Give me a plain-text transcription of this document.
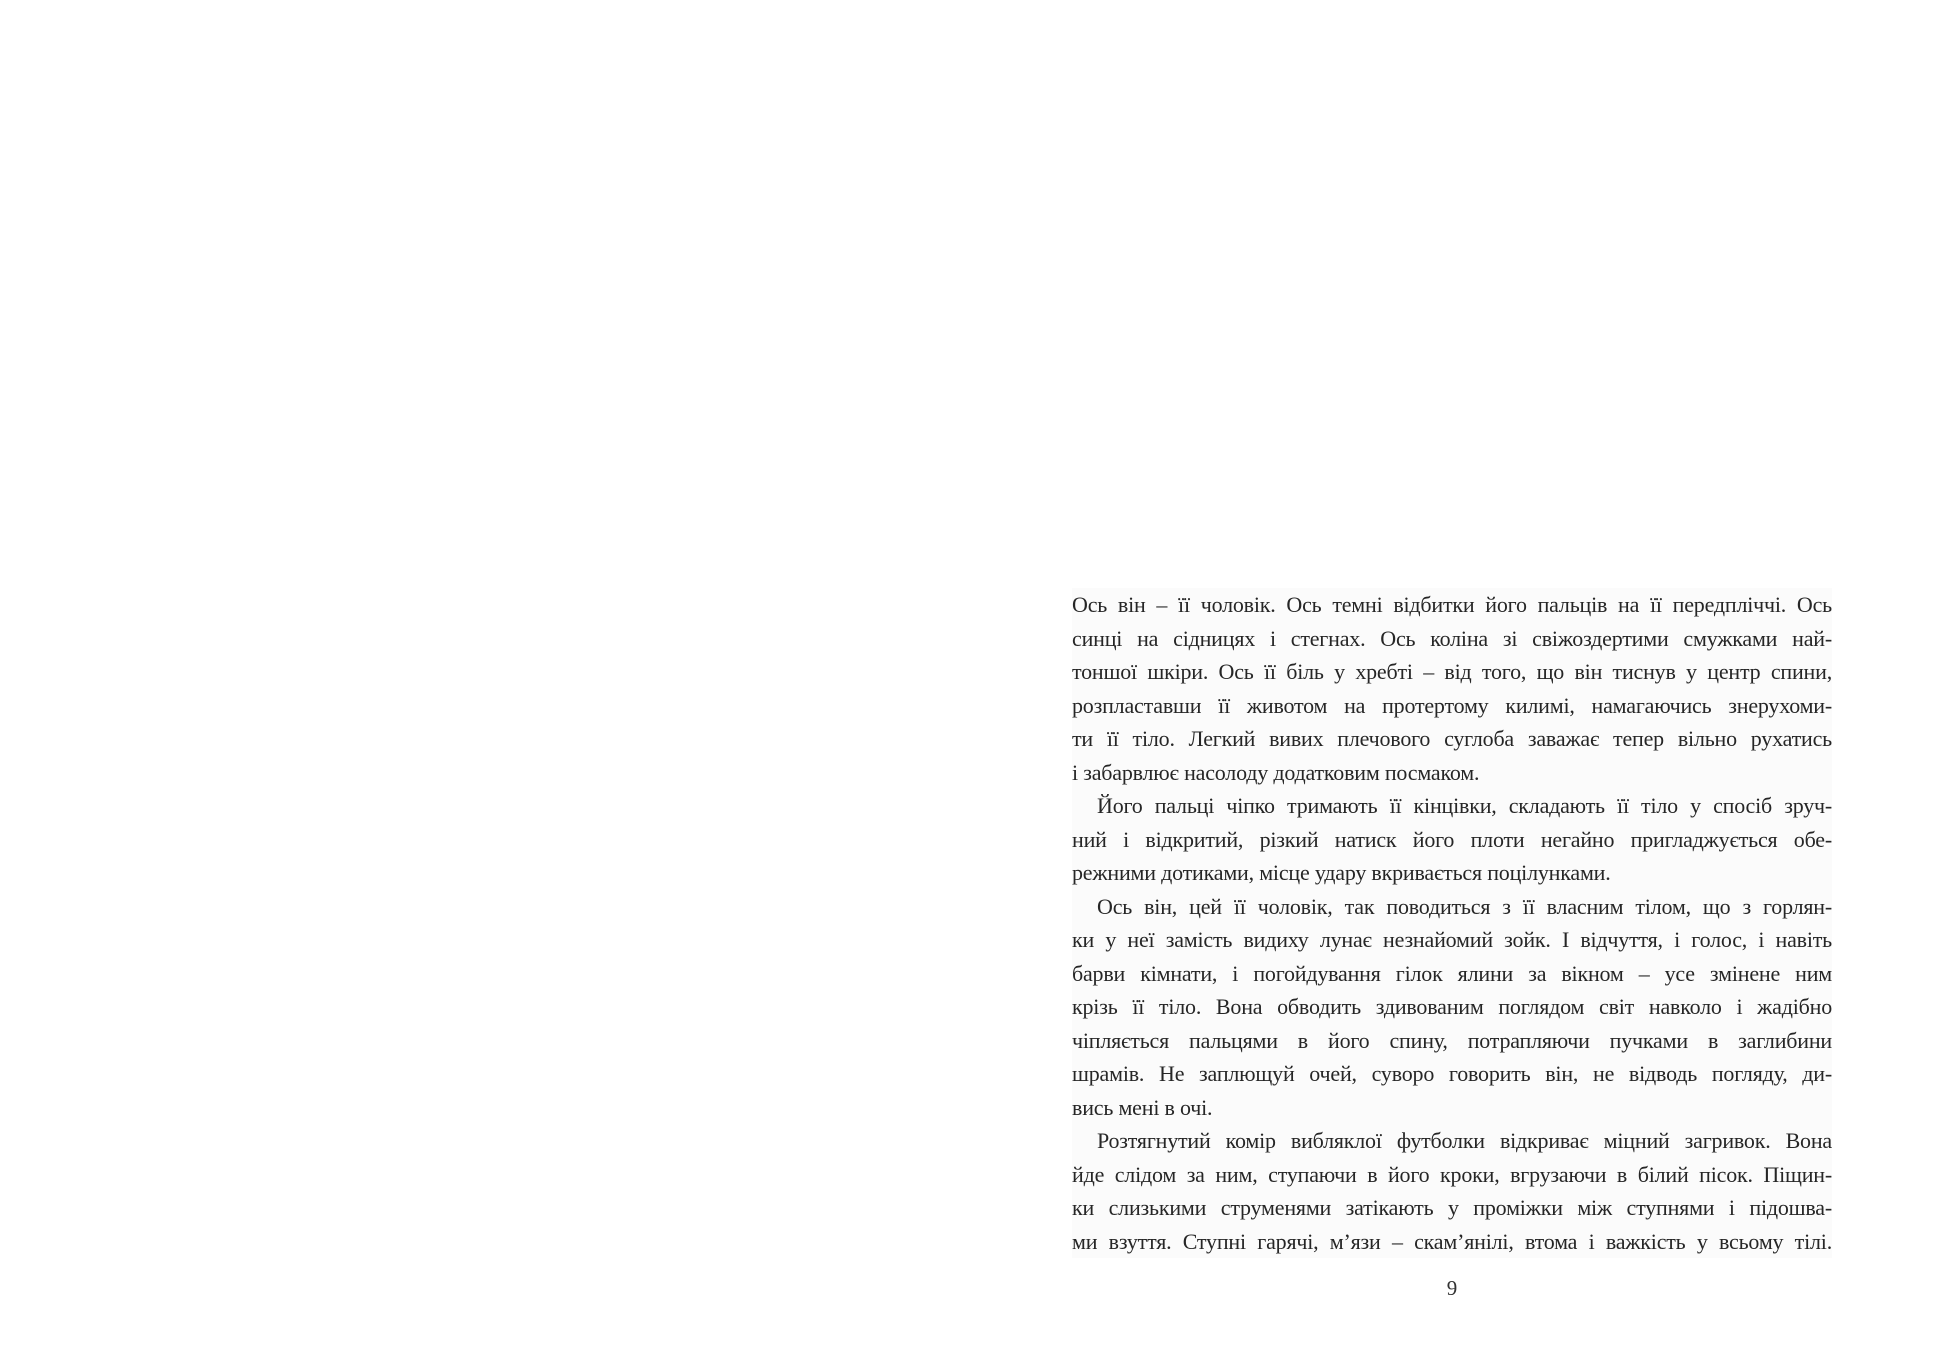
Ось він – її чоловік. Ось темні відбитки його пальців на її передпліччі. Ось
синці на сідницях і стегнах. Ось коліна зі свіжоздертими смужками най-
тоншої шкіри. Ось її біль у хребті – від того, що він тиснув у центр спини,
розпластавши її животом на протертому килимі, намагаючись знерухоми-
ти її тіло. Легкий вивих плечового суглоба заважає тепер вільно рухатись
і забарвлює насолоду додатковим посмаком.
Його пальці чіпко тримають її кінцівки, складають її тіло у спосіб зруч-
ний і відкритий, різкий натиск його плоти негайно пригладжується обе-
режними дотиками, місце удару вкривається поцілунками.
Ось він, цей її чоловік, так поводиться з її власним тілом, що з горлян-
ки у неї замість видиху лунає незнайомий зойк. І відчуття, і голос, і навіть
барви кімнати, і погойдування гілок ялини за вікном – усе змінене ним
крізь її тіло. Вона обводить здивованим поглядом світ навколо і жадібно
чіпляється пальцями в його спину, потрапляючи пучками в заглибини
шрамів. Не заплющуй очей, суворо говорить він, не відводь погляду, ди-
вись мені в очі.
Розтягнутий комір вибляклої футболки відкриває міцний загривок. Вона
йде слідом за ним, ступаючи в його кроки, вгрузаючи в білий пісок. Піщин-
ки слизькими струменями затікають у проміжки між ступнями і підошва-
ми взуття. Ступні гарячі, м’язи – скам’янілі, втома і важкість у всьому тілі.
9
